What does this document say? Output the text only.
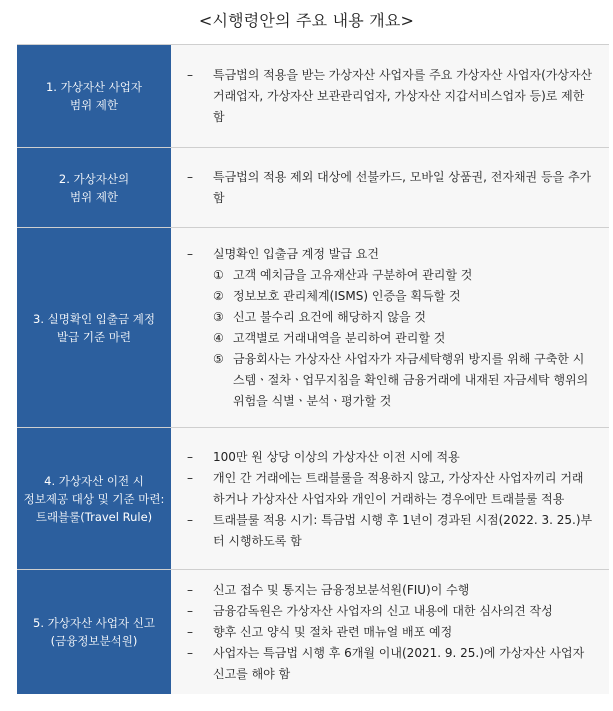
<시행령안의 주요 내용 개요>
1. 가상자산 사업자
범위 제한
–	특금법의 적용을 받는 가상자산 사업자를 주요 가상자산 사업자(가상자산 거래업자, 가상자산 보관관리업자, 가상자산 지갑서비스업자 등)로 제한함
2. 가상자산의
범위 제한
–	특금법의 적용 제외 대상에 선불카드, 모바일 상품권, 전자채권 등을 추가함
3. 실명확인 입출금 계정
발급 기준 마련
–	실명확인 입출금 계정 발급 요건
① 고객 예치금을 고유재산과 구분하여 관리할 것
② 정보보호 관리체계(ISMS) 인증을 획득할 것
③ 신고 불수리 요건에 해당하지 않을 것
④ 고객별로 거래내역을 분리하여 관리할 것
⑤ 금융회사는 가상자산 사업자가 자금세탁행위 방지를 위해 구축한 시스템ㆍ절차ㆍ업무지침을 확인해 금융거래에 내재된 자금세탁 행위의 위험을 식별ㆍ분석ㆍ평가할 것
4. 가상자산 이전 시
정보제공 대상 및 기준 마련:
트래블룰(Travel Rule)
–	100만 원 상당 이상의 가상자산 이전 시에 적용
–	개인 간 거래에는 트래블룰을 적용하지 않고, 가상자산 사업자끼리 거래하거나 가상자산 사업자와 개인이 거래하는 경우에만 트래블룰 적용
–	트래블룰 적용 시기: 특금법 시행 후 1년이 경과된 시점(2022. 3. 25.)부터 시행하도록 함
5. 가상자산 사업자 신고
(금융정보분석원)
–	신고 접수 및 통지는 금융정보분석원(FIU)이 수행
–	금융감독원은 가상자산 사업자의 신고 내용에 대한 심사의견 작성
–	향후 신고 양식 및 절차 관련 매뉴얼 배포 예정
–	사업자는 특금법 시행 후 6개월 이내(2021. 9. 25.)에 가상자산 사업자 신고를 해야 함
